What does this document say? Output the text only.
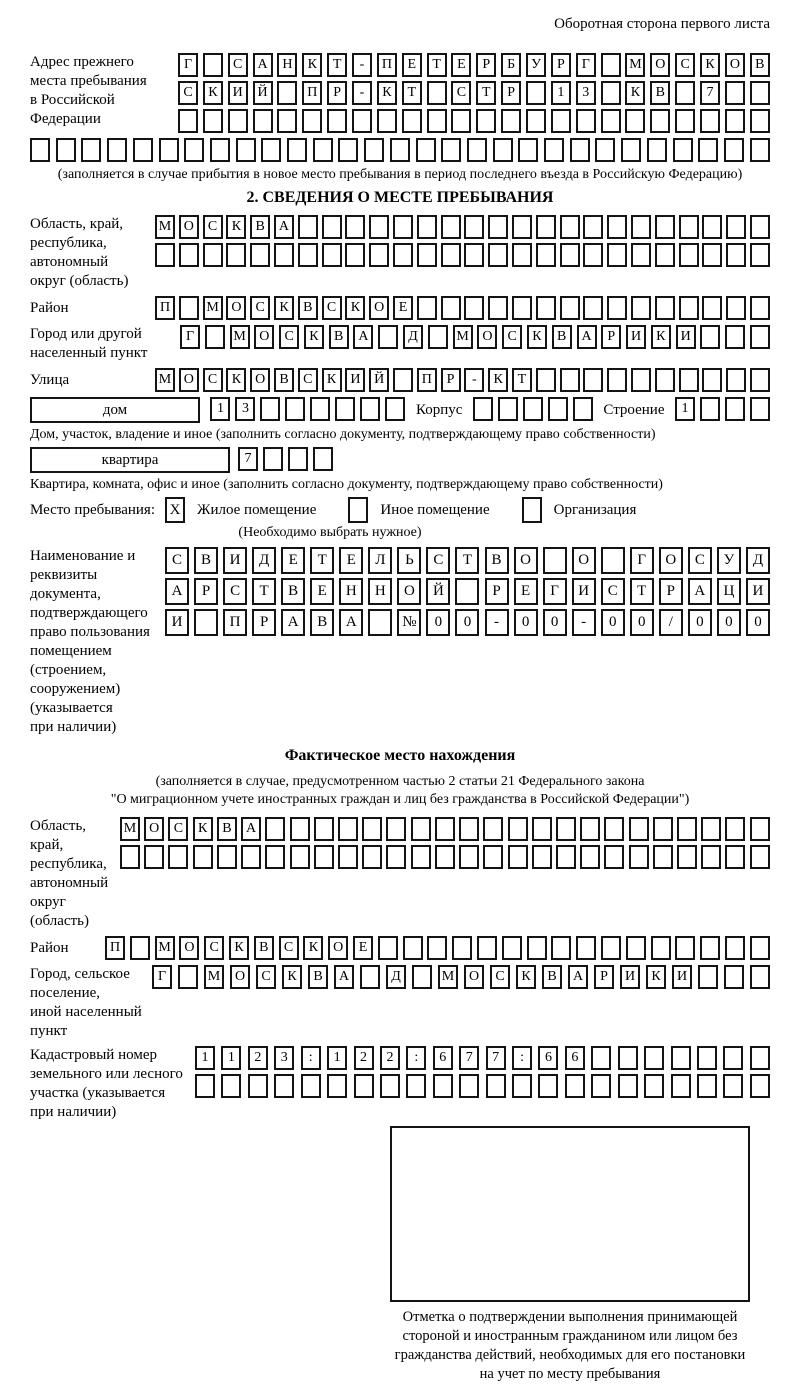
Оборотная сторона первого листа
Адрес прежнего
места пребывания
в Российской
Федерации
Г	С	А	Н	К	Т	-	П	Е	Т	Е	Р	Б	У	Р	Г	М О	С	К	О	В
С	К	И	Й	П	Р	-	К	Т	С	Т	Р	1	3	К	В	7
(заполняется в случае прибытия в новое место пребывания в период последнего въезда в Российскую Федерацию)
2. СВЕДЕНИЯ О МЕСТЕ ПРЕБЫВАНИЯ
Область, край,
республика,
автономный
округ (область)
М О	С	К	В	А
Район	П	М О	С	К	В	С	К	О	Е
Город или другой
населенный пункт
Г	М О	С	К	В	А	Д	М О	С	К	В	А	Р	И	К	И
Улица	М О	С	К	О	В	С	К	И Й	П	Р	-	К	Т
дом	1	3	Корпус	Строение	1
Дом, участок, владение и иное (заполнить согласно документу, подтверждающему право собственности)
квартира	7
Квартира, комната, офис и иное (заполнить согласно документу, подтверждающему право собственности)
Место пребывания: X	Жилое помещение	Иное помещение	Организация
(Необходимо выбрать нужное)
Наименование и реквизиты
документа, подтверждающего
право пользования
помещением (строением,
сооружением) (указывается
при наличии)
С	В	И	Д	Е	Т	Е	Л	Ь	С	Т	В	О	О	Г	О	С	У	Д
А	Р	С	Т	В	Е	Н	Н	О	Й	Р	Е	Г	И	С	Т	Р	А	Ц	И
И	П	Р	А	В	А	№	0	0	-	0	0	-	0	0	/	0	0	0
Фактическое место нахождения
(заполняется в случае, предусмотренном частью 2 статьи 21 Федерального закона
"О миграционном учете иностранных граждан и лиц без гражданства в Российской Федерации")
Область, край,
республика,
автономный округ
(область)
М О	С	К	В	А
Район	П	М О	С	К	В	С	К	О	Е
Город, сельское поселение,
иной населенный пункт
Г	М	О	С	К	В	А	Д	М	О	С	К	В	А	Р	И	К	И
Кадастровый номер
земельного или лесного
участка (указывается
при наличии)
1	1	2	3	:	1	2	2	:	6	7	7	:	6	6
Отметка о подтверждении выполнения принимающей
стороной и иностранным гражданином или лицом без
гражданства действий, необходимых для его постановки
на учет по месту пребывания
